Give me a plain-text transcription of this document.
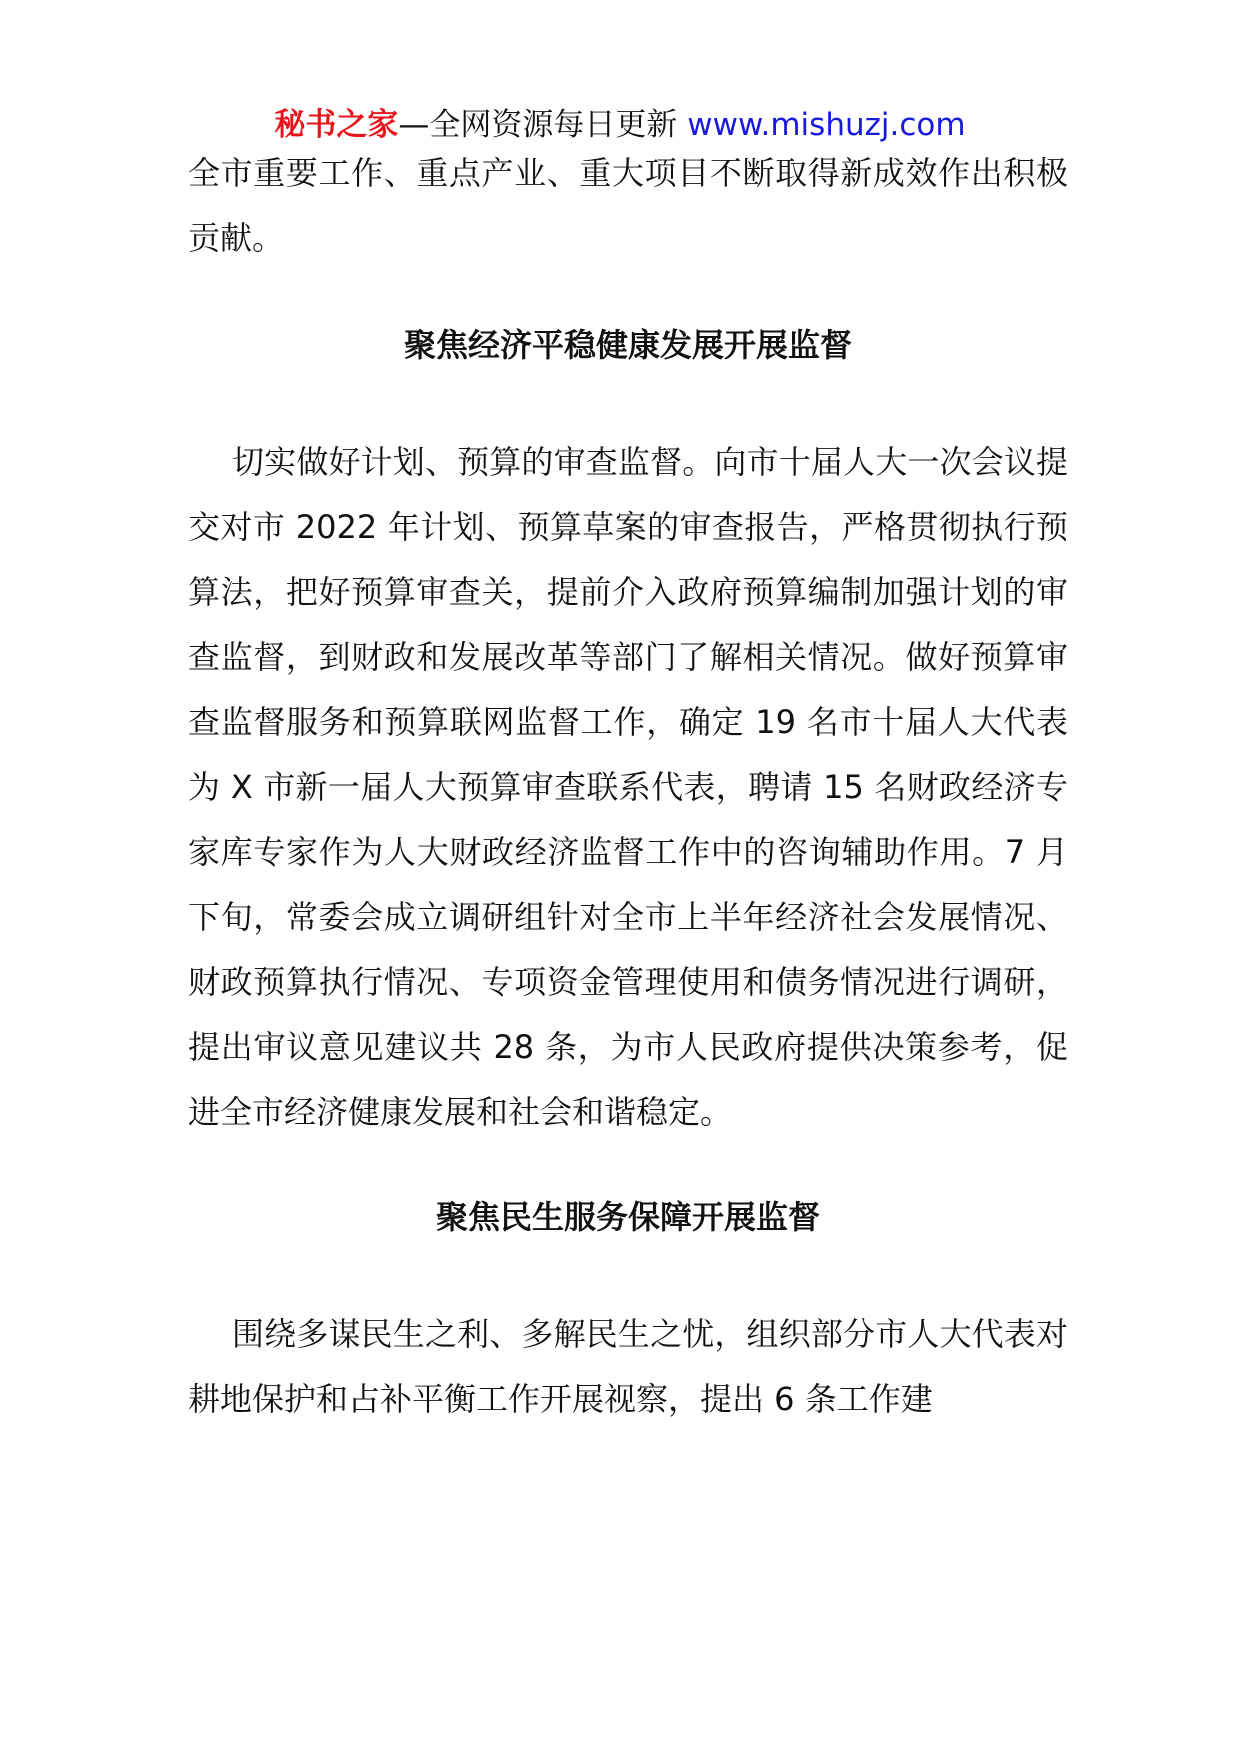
秘书之家—全网资源每日更新 www.mishuzj.com

全市重要工作、重点产业、重大项目不断取得新成效作出积极贡献。

聚焦经济平稳健康发展开展监督

切实做好计划、预算的审查监督。向市十届人大一次会议提交对市 2022 年计划、预算草案的审查报告，严格贯彻执行预算法，把好预算审查关，提前介入政府预算编制加强计划的审查监督，到财政和发展改革等部门了解相关情况。做好预算审查监督服务和预算联网监督工作，确定 19 名市十届人大代表为 X 市新一届人大预算审查联系代表，聘请 15 名财政经济专家库专家作为人大财政经济监督工作中的咨询辅助作用。7 月下旬，常委会成立调研组针对全市上半年经济社会发展情况、财政预算执行情况、专项资金管理使用和债务情况进行调研，提出审议意见建议共 28 条，为市人民政府提供决策参考，促进全市经济健康发展和社会和谐稳定。

聚焦民生服务保障开展监督

围绕多谋民生之利、多解民生之忧，组织部分市人大代表对耕地保护和占补平衡工作开展视察，提出 6 条工作建
